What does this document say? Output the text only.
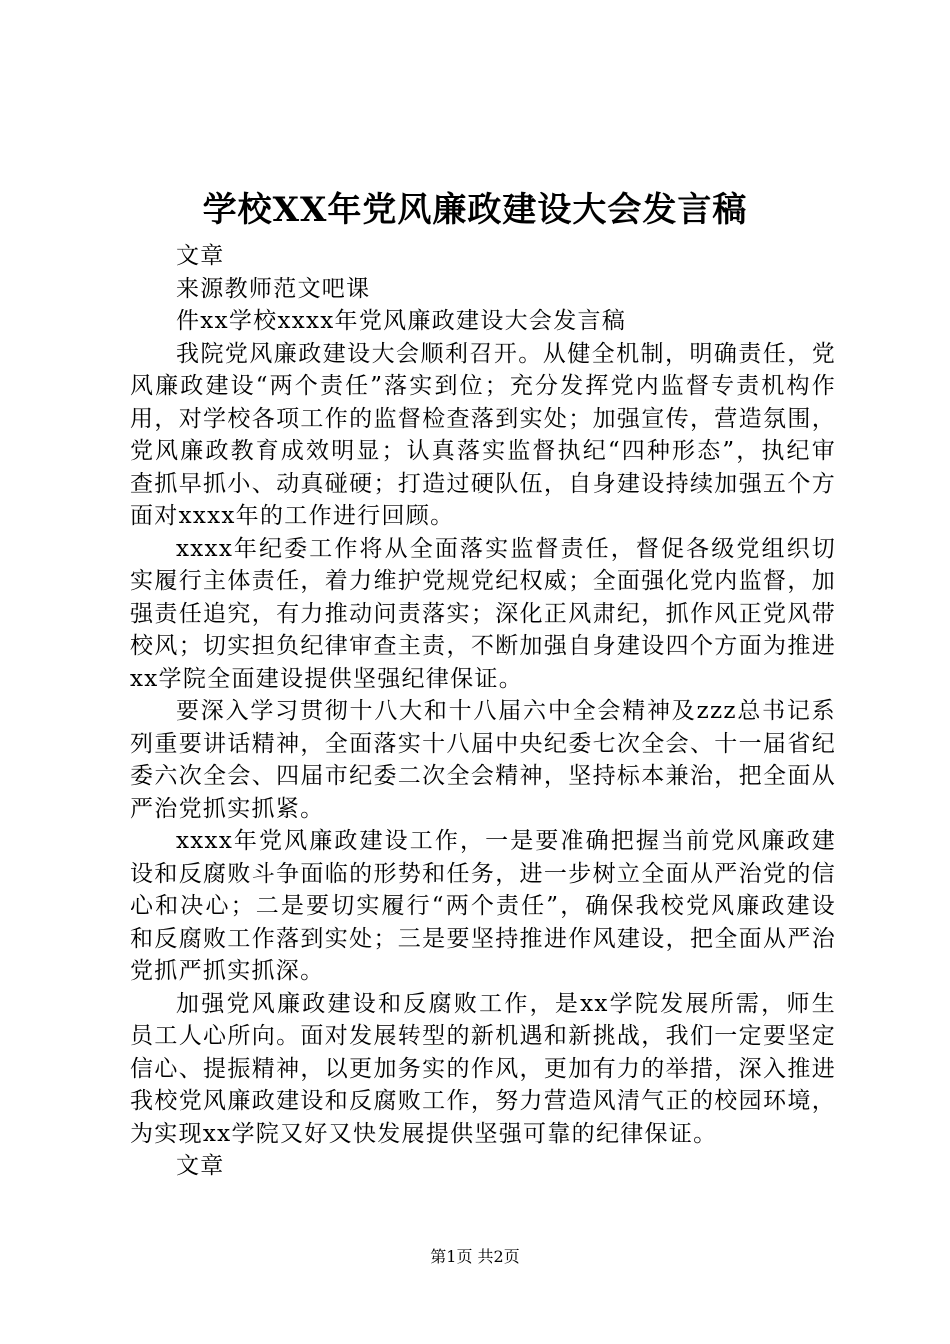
学校XX年党风廉政建设大会发言稿

文章

来源教师范文吧课

件xx学校xxxx年党风廉政建设大会发言稿

我院党风廉政建设大会顺利召开。从健全机制，明确责任，党风廉政建设“两个责任”落实到位；充分发挥党内监督专责机构作用，对学校各项工作的监督检查落到实处；加强宣传，营造氛围，党风廉政教育成效明显；认真落实监督执纪“四种形态”，执纪审查抓早抓小、动真碰硬；打造过硬队伍，自身建设持续加强五个方面对xxxx年的工作进行回顾。

xxxx年纪委工作将从全面落实监督责任，督促各级党组织切实履行主体责任，着力维护党规党纪权威；全面强化党内监督，加强责任追究，有力推动问责落实；深化正风肃纪，抓作风正党风带校风；切实担负纪律审查主责，不断加强自身建设四个方面为推进xx学院全面建设提供坚强纪律保证。

要深入学习贯彻十八大和十八届六中全会精神及zzz总书记系列重要讲话精神，全面落实十八届中央纪委七次全会、十一届省纪委六次全会、四届市纪委二次全会精神，坚持标本兼治，把全面从严治党抓实抓紧。

xxxx年党风廉政建设工作，一是要准确把握当前党风廉政建设和反腐败斗争面临的形势和任务，进一步树立全面从严治党的信心和决心；二是要切实履行“两个责任”，确保我校党风廉政建设和反腐败工作落到实处；三是要坚持推进作风建设，把全面从严治党抓严抓实抓深。

加强党风廉政建设和反腐败工作，是xx学院发展所需，师生员工人心所向。面对发展转型的新机遇和新挑战，我们一定要坚定信心、提振精神，以更加务实的作风，更加有力的举措，深入推进我校党风廉政建设和反腐败工作，努力营造风清气正的校园环境，为实现xx学院又好又快发展提供坚强可靠的纪律保证。

文章

第1页 共2页
